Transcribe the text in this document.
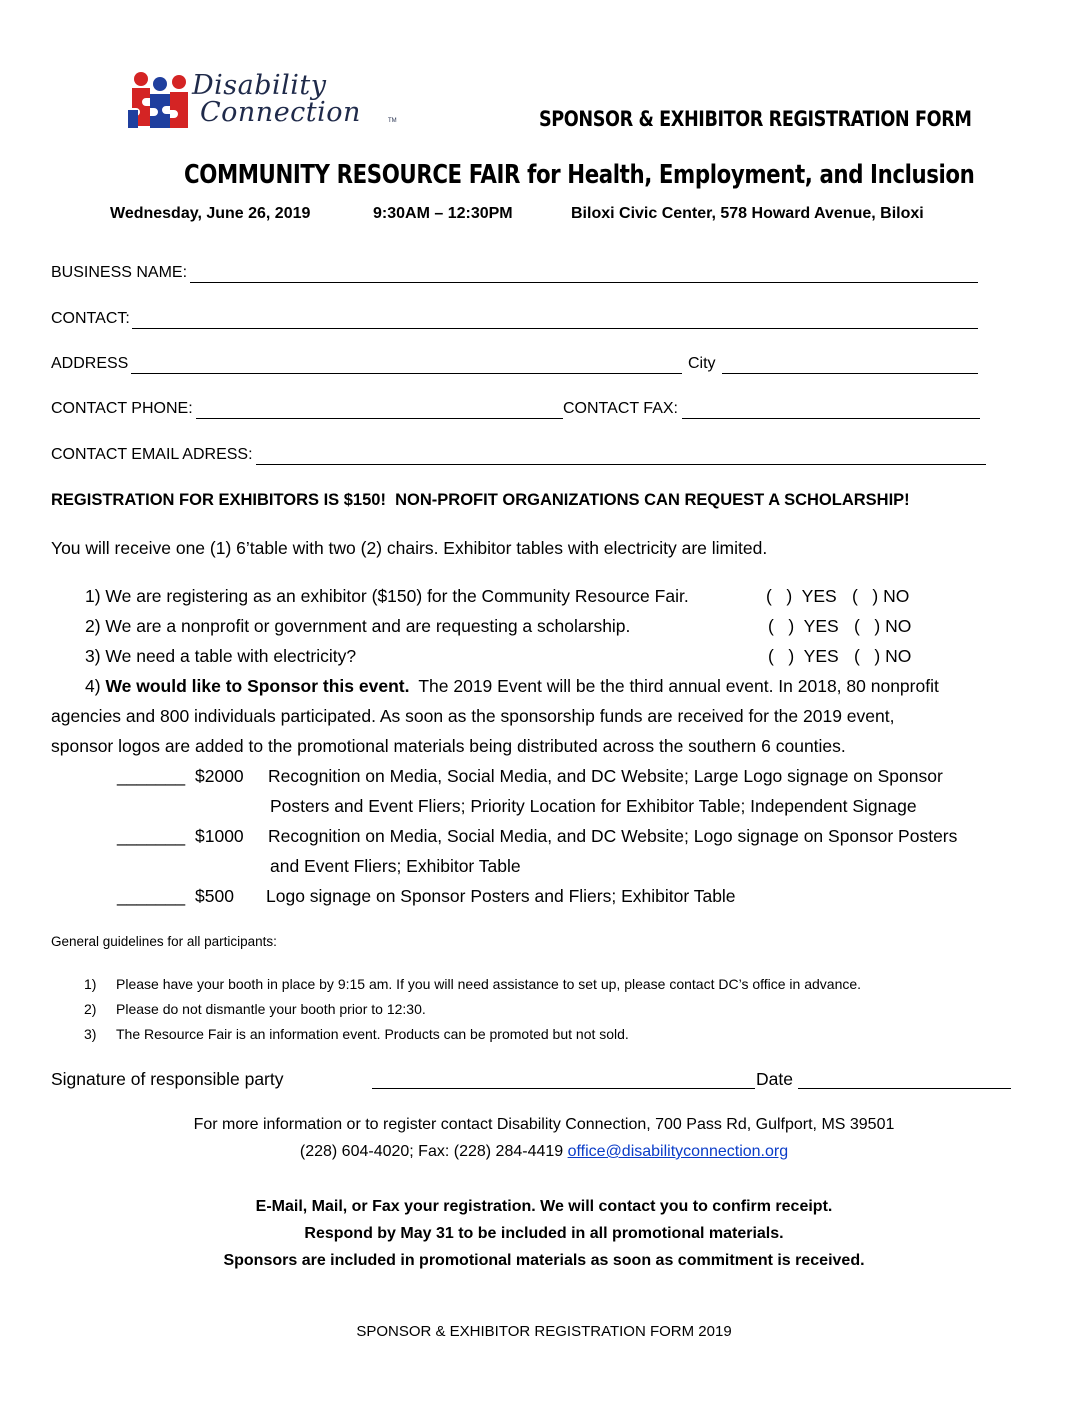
Disability
Connection	TM	SPONSOR & EXHIBITOR REGISTRATION FORM
COMMUNITY RESOURCE FAIR for Health, Employment, and Inclusion
Wednesday, June 26, 2019	9:30AM – 12:30PM	Biloxi Civic Center, 578 Howard Avenue, Biloxi
BUSINESS NAME:
CONTACT:
ADDRESS	City
CONTACT PHONE:	CONTACT FAX:
CONTACT EMAIL ADRESS:
REGISTRATION FOR EXHIBITORS IS $150!  NON-PROFIT ORGANIZATIONS CAN REQUEST A SCHOLARSHIP!
You will receive one (1) 6’table with two (2) chairs. Exhibitor tables with electricity are limited.
1) We are registering as an exhibitor ($150) for the Community Resource Fair.	(   )  YES (   ) NO
2) We are a nonprofit or government and are requesting a scholarship.	(   )  YES (   ) NO
3) We need a table with electricity?	(   )  YES (   ) NO
4) We would like to Sponsor this event. The 2019 Event will be the third annual event. In 2018, 80 nonprofit
agencies and 800 individuals participated. As soon as the sponsorship funds are received for the 2019 event,
sponsor logos are added to the promotional materials being distributed across the southern 6 counties.
_______ $2000 Recognition on Media, Social Media, and DC Website; Large Logo signage on Sponsor
Posters and Event Fliers; Priority Location for Exhibitor Table; Independent Signage
_______ $1000 Recognition on Media, Social Media, and DC Website; Logo signage on Sponsor Posters
and Event Fliers; Exhibitor Table
_______ $500 Logo signage on Sponsor Posters and Fliers; Exhibitor Table
General guidelines for all participants:
1) Please have your booth in place by 9:15 am. If you will need assistance to set up, please contact DC’s office in advance.
2) Please do not dismantle your booth prior to 12:30.
3) The Resource Fair is an information event. Products can be promoted but not sold.
Signature of responsible party	Date
For more information or to register contact Disability Connection, 700 Pass Rd, Gulfport, MS 39501
(228) 604-4020; Fax: (228) 284-4419 office@disabilityconnection.org
E-Mail, Mail, or Fax your registration. We will contact you to confirm receipt.
Respond by May 31 to be included in all promotional materials.
Sponsors are included in promotional materials as soon as commitment is received.
SPONSOR & EXHIBITOR REGISTRATION FORM 2019
